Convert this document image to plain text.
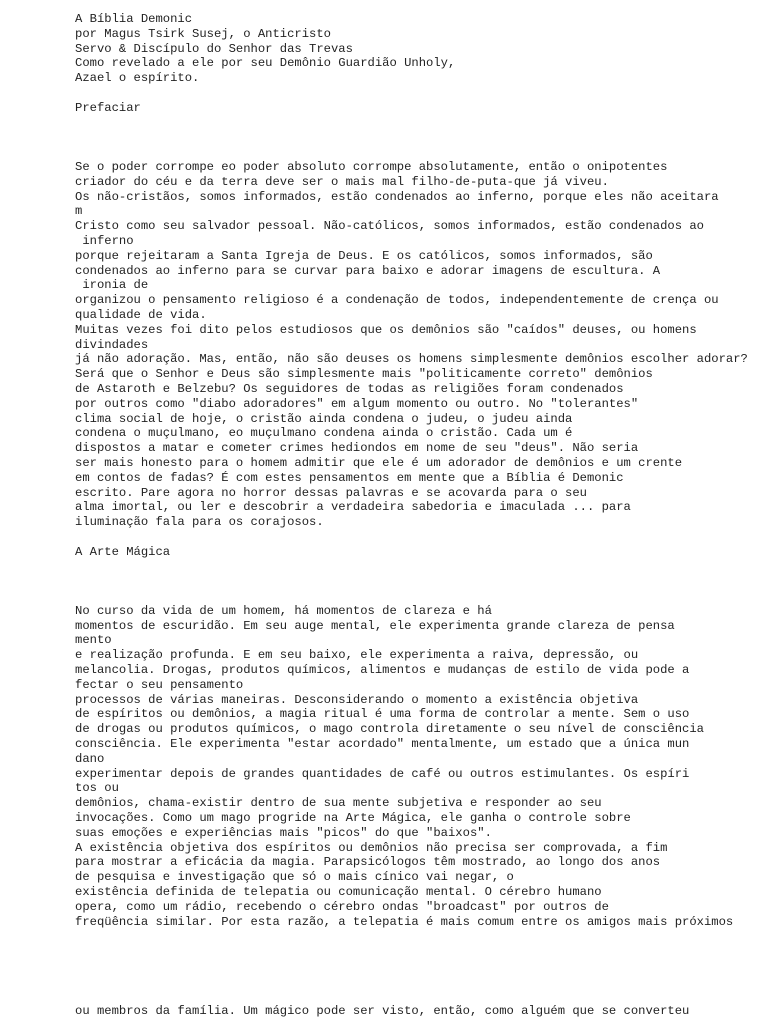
A Bíblia Demonic
por Magus Tsirk Susej, o Anticristo
Servo & Discípulo do Senhor das Trevas
Como revelado a ele por seu Demônio Guardião Unholy,
Azael o espírito.
Prefaciar
Se o poder corrompe eo poder absoluto corrompe absolutamente, então o onipotentes
criador do céu e da terra deve ser o mais mal filho-de-puta-que já viveu.
Os não-cristãos, somos informados, estão condenados ao inferno, porque eles não aceitara
m
Cristo como seu salvador pessoal. Não-católicos, somos informados, estão condenados ao
inferno
porque rejeitaram a Santa Igreja de Deus. E os católicos, somos informados, são
condenados ao inferno para se curvar para baixo e adorar imagens de escultura. A
ironia de
organizou o pensamento religioso é a condenação de todos, independentemente de crença ou
qualidade de vida.
Muitas vezes foi dito pelos estudiosos que os demônios são "caídos" deuses, ou homens
divindades
já não adoração. Mas, então, não são deuses os homens simplesmente demônios escolher adorar?
Será que o Senhor e Deus são simplesmente mais "politicamente correto" demônios
de Astaroth e Belzebu? Os seguidores de todas as religiões foram condenados
por outros como "diabo adoradores" em algum momento ou outro. No "tolerantes"
clima social de hoje, o cristão ainda condena o judeu, o judeu ainda
condena o muçulmano, eo muçulmano condena ainda o cristão. Cada um é
dispostos a matar e cometer crimes hediondos em nome de seu "deus". Não seria
ser mais honesto para o homem admitir que ele é um adorador de demônios e um crente
em contos de fadas? É com estes pensamentos em mente que a Bíblia é Demonic
escrito. Pare agora no horror dessas palavras e se acovarda para o seu
alma imortal, ou ler e descobrir a verdadeira sabedoria e imaculada ... para
iluminação fala para os corajosos.
A Arte Mágica
No curso da vida de um homem, há momentos de clareza e há
momentos de escuridão. Em seu auge mental, ele experimenta grande clareza de pensa
mento
e realização profunda. E em seu baixo, ele experimenta a raiva, depressão, ou
melancolia. Drogas, produtos químicos, alimentos e mudanças de estilo de vida pode a
fectar o seu pensamento
processos de várias maneiras. Desconsiderando o momento a existência objetiva
de espíritos ou demônios, a magia ritual é uma forma de controlar a mente. Sem o uso
de drogas ou produtos químicos, o mago controla diretamente o seu nível de consciência
consciência. Ele experimenta "estar acordado" mentalmente, um estado que a única mun
dano
experimentar depois de grandes quantidades de café ou outros estimulantes. Os espíri
tos ou
demônios, chama-existir dentro de sua mente subjetiva e responder ao seu
invocações. Como um mago progride na Arte Mágica, ele ganha o controle sobre
suas emoções e experiências mais "picos" do que "baixos".
A existência objetiva dos espíritos ou demônios não precisa ser comprovada, a fim
para mostrar a eficácia da magia. Parapsicólogos têm mostrado, ao longo dos anos
de pesquisa e investigação que só o mais cínico vai negar, o
existência definida de telepatia ou comunicação mental. O cérebro humano
opera, como um rádio, recebendo o cérebro ondas "broadcast" por outros de
freqüência similar. Por esta razão, a telepatia é mais comum entre os amigos mais próximos
ou membros da família. Um mágico pode ser visto, então, como alguém que se converteu
